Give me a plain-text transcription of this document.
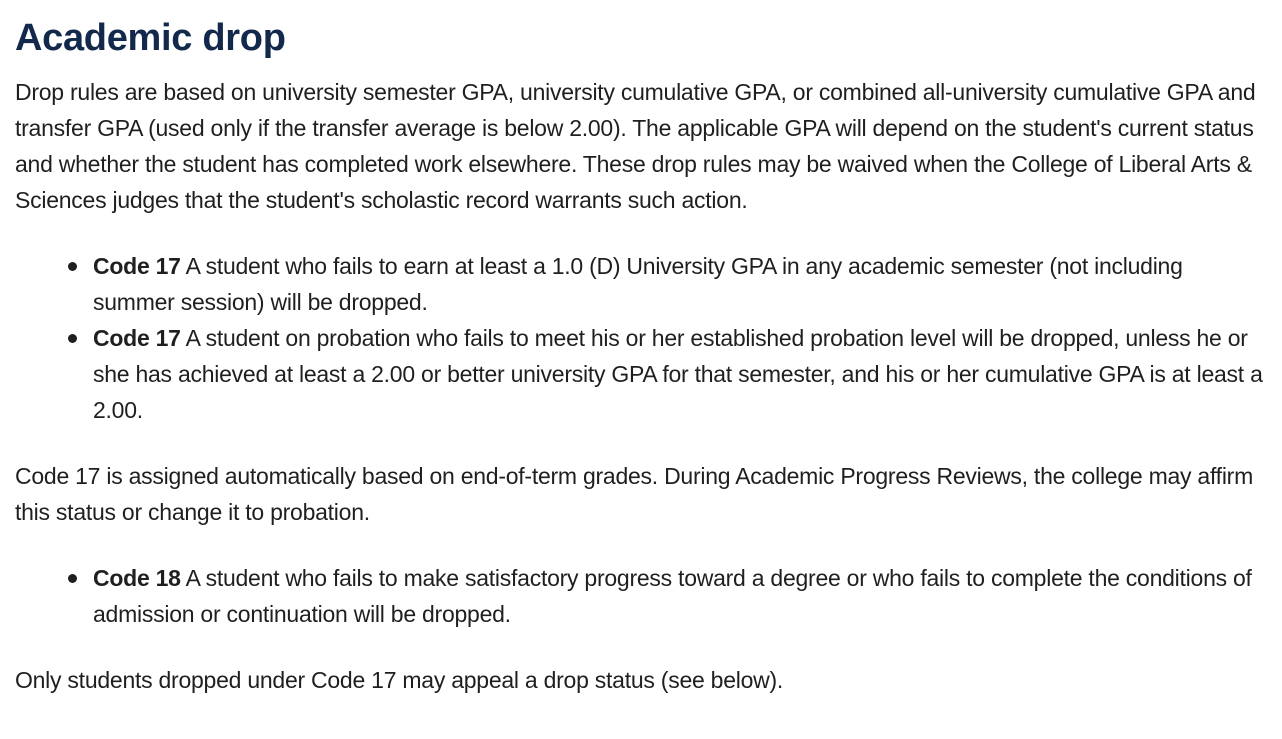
Academic drop

Drop rules are based on university semester GPA, university cumulative GPA, or combined all-university cumulative GPA and transfer GPA (used only if the transfer average is below 2.00). The applicable GPA will depend on the student's current status and whether the student has completed work elsewhere. These drop rules may be waived when the College of Liberal Arts & Sciences judges that the student's scholastic record warrants such action.

Code 17 A student who fails to earn at least a 1.0 (D) University GPA in any academic semester (not including summer session) will be dropped.
Code 17 A student on probation who fails to meet his or her established probation level will be dropped, unless he or she has achieved at least a 2.00 or better university GPA for that semester, and his or her cumulative GPA is at least a 2.00.

Code 17 is assigned automatically based on end-of-term grades. During Academic Progress Reviews, the college may affirm this status or change it to probation.

Code 18 A student who fails to make satisfactory progress toward a degree or who fails to complete the conditions of admission or continuation will be dropped.

Only students dropped under Code 17 may appeal a drop status (see below).
